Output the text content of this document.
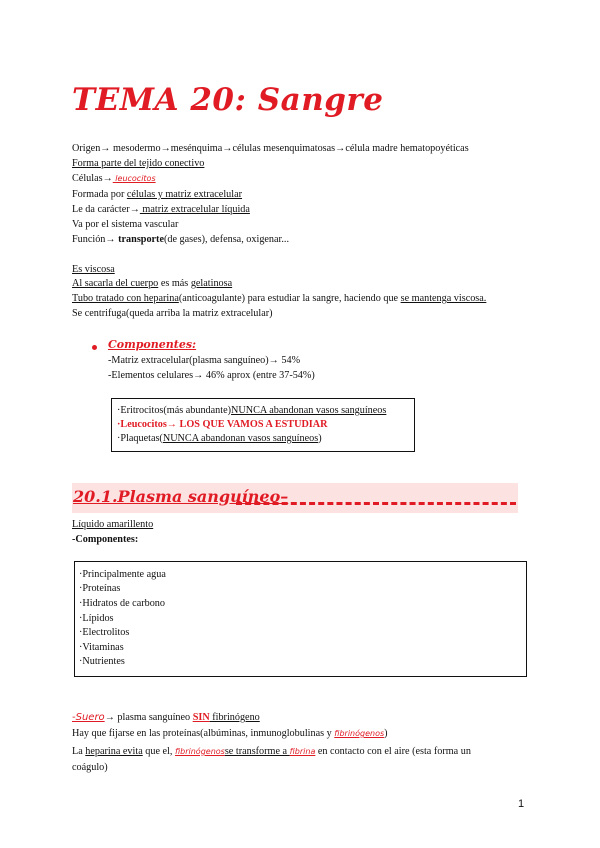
TEMA 20: Sangre
Origen→ mesodermo→mesénquima→células mesenquimatosas→célula madre hematopoyéticas
Forma parte del tejido conectivo
Células→ leucocitos
Formada por células y matriz extracelular
Le da carácter→ matriz extracelular líquida
Va por el sistema vascular
Función→ transporte(de gases), defensa, oxigenar...
Es viscosa
Al sacarla del cuerpo es más gelatinosa
Tubo tratado con heparina(anticoagulante) para estudiar la sangre, haciendo que se mantenga viscosa.
Se centrifuga(queda arriba la matriz extracelular)
Componentes:
-Matriz extracelular(plasma sanguíneo)→ 54%
-Elementos celulares→ 46% aprox (entre 37-54%)
·Eritrocitos(más abundante)NUNCA abandonan vasos sanguíneos
·Leucocitos→ LOS QUE VAMOS A ESTUDIAR
·Plaquetas(NUNCA abandonan vasos sanguíneos)
20.1.Plasma sanguíneo–
Líquido amarillento
-Componentes:
·Principalmente agua
·Proteínas
·Hidratos de carbono
·Lípidos
·Electrolitos
·Vitaminas
·Nutrientes
-Suero→ plasma sanguíneo SIN fibrinógeno
Hay que fijarse en las proteínas(albúminas, inmunoglobulinas y fibrinógenos)
La heparina evita que el, fibrinógenosse transforme a fibrina en contacto con el aire (esta forma un
coágulo)
1
